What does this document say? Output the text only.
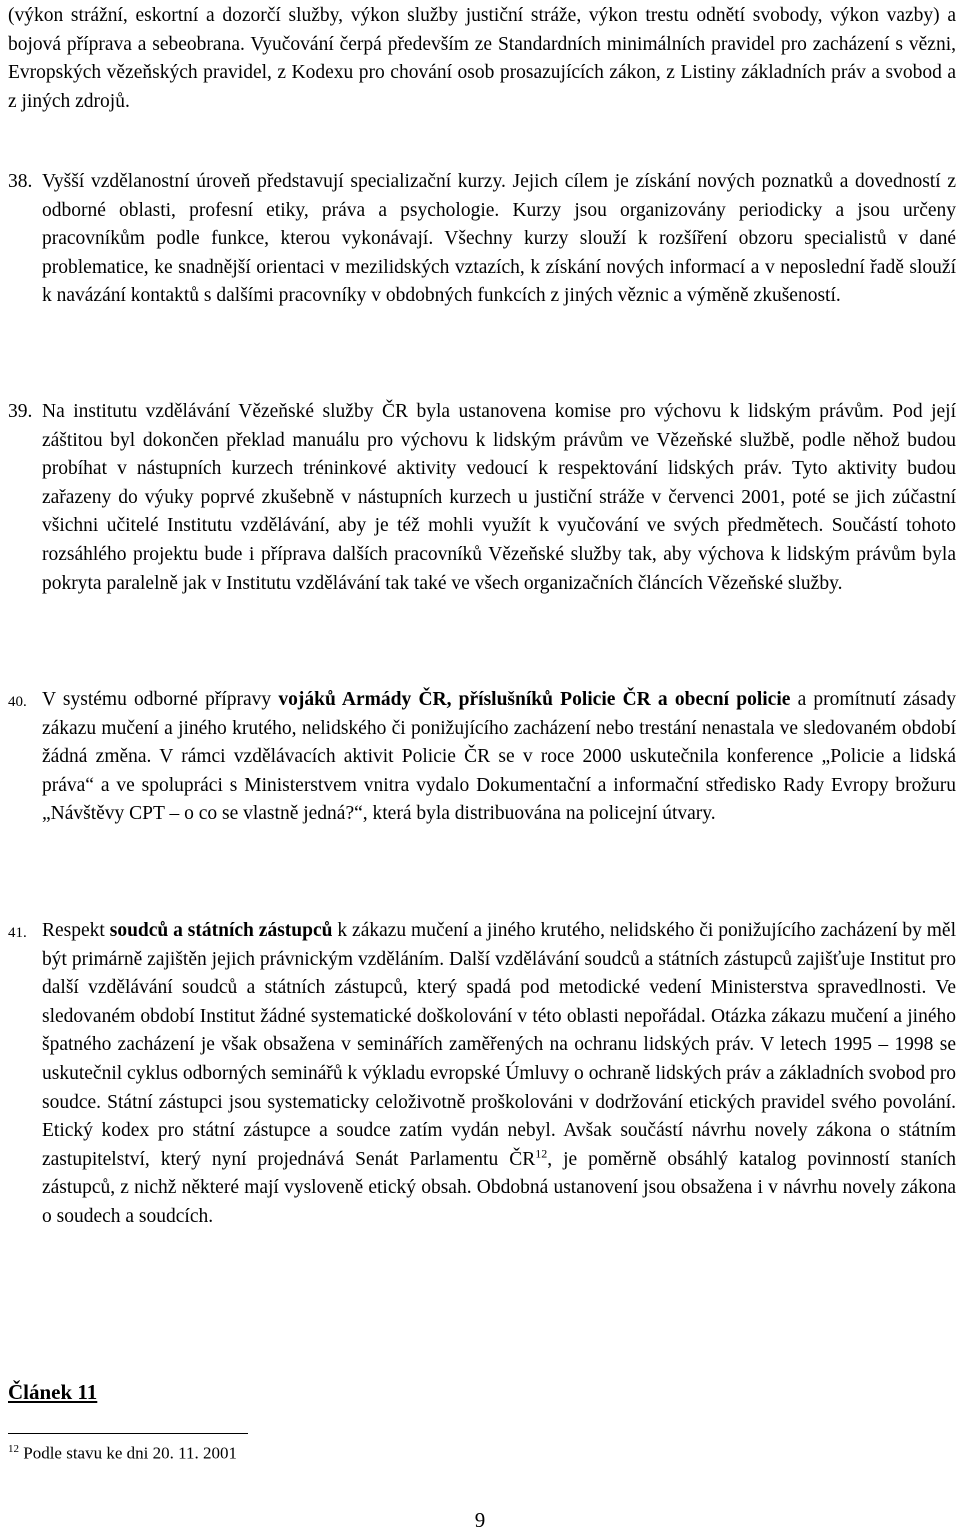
(výkon strážní, eskortní a dozorčí služby, výkon služby justiční stráže, výkon trestu odnětí svobody, výkon vazby) a bojová příprava a sebeobrana. Vyučování čerpá především ze Standardních minimálních pravidel pro zacházení s vězni, Evropských vězeňských pravidel, z Kodexu pro chování osob prosazujících zákon, z Listiny základních práv a svobod a z jiných zdrojů.

38. Vyšší vzdělanostní úroveň představují specializační kurzy. Jejich cílem je získání nových poznatků a dovedností z odborné oblasti, profesní etiky, práva a psychologie. Kurzy jsou organizovány periodicky a jsou určeny pracovníkům podle funkce, kterou vykonávají. Všechny kurzy slouží k rozšíření obzoru specialistů v dané problematice, ke snadnější orientaci v mezilidských vztazích, k získání nových informací a v neposlední řadě slouží k navázání kontaktů s dalšími pracovníky v obdobných funkcích z jiných věznic a výměně zkušeností.

39. Na institutu vzdělávání Vězeňské služby ČR byla ustanovena komise pro výchovu k lidským právům. Pod její záštitou byl dokončen překlad manuálu pro výchovu k lidským právům ve Vězeňské službě, podle něhož budou probíhat v nástupních kurzech tréninkové aktivity vedoucí k respektování lidských práv. Tyto aktivity budou zařazeny do výuky poprvé zkušebně v nástupních kurzech u justiční stráže v červenci 2001, poté se jich zúčastní všichni učitelé Institutu vzdělávání, aby je též mohli využít k vyučování ve svých předmětech. Součástí tohoto rozsáhlého projektu bude i příprava dalších pracovníků Vězeňské služby tak, aby výchova k lidským právům byla pokryta paralelně jak v Institutu vzdělávání tak také ve všech organizačních článcích Vězeňské služby.

40. V systému odborné přípravy vojáků Armády ČR, příslušníků Policie ČR a obecní policie a promítnutí zásady zákazu mučení a jiného krutého, nelidského či ponižujícího zacházení nebo trestání nenastala ve sledovaném období žádná změna. V rámci vzdělávacích aktivit Policie ČR se v roce 2000 uskutečnila konference „Policie a lidská práva“ a ve spolupráci s Ministerstvem vnitra vydalo Dokumentační a informační středisko Rady Evropy brožuru „Návštěvy CPT – o co se vlastně jedná?“, která byla distribuována na policejní útvary.

41. Respekt soudců a státních zástupců k zákazu mučení a jiného krutého, nelidského či ponižujícího zacházení by měl být primárně zajištěn jejich právnickým vzděláním. Další vzdělávání soudců a státních zástupců zajišťuje Institut pro další vzdělávání soudců a státních zástupců, který spadá pod metodické vedení Ministerstva spravedlnosti. Ve sledovaném období Institut žádné systematické doškolování v této oblasti nepořádal. Otázka zákazu mučení a jiného špatného zacházení je však obsažena v seminářích zaměřených na ochranu lidských práv. V letech 1995 – 1998 se uskutečnil cyklus odborných seminářů k výkladu evropské Úmluvy o ochraně lidských práv a základních svobod pro soudce. Státní zástupci jsou systematicky celoživotně proškolováni v dodržování etických pravidel svého povolání. Etický kodex pro státní zástupce a soudce zatím vydán nebyl. Avšak součástí návrhu novely zákona o státním zastupitelství, který nyní projednává Senát Parlamentu ČR$^{12}$, je poměrně obsáhlý katalog povinností staních zástupců, z nichž některé mají vysloveně etický obsah. Obdobná ustanovení jsou obsažena i v návrhu novely zákona o soudech a soudcích.

Článek 11
$^{12}$ Podle stavu ke dni 20. 11. 2001
9
